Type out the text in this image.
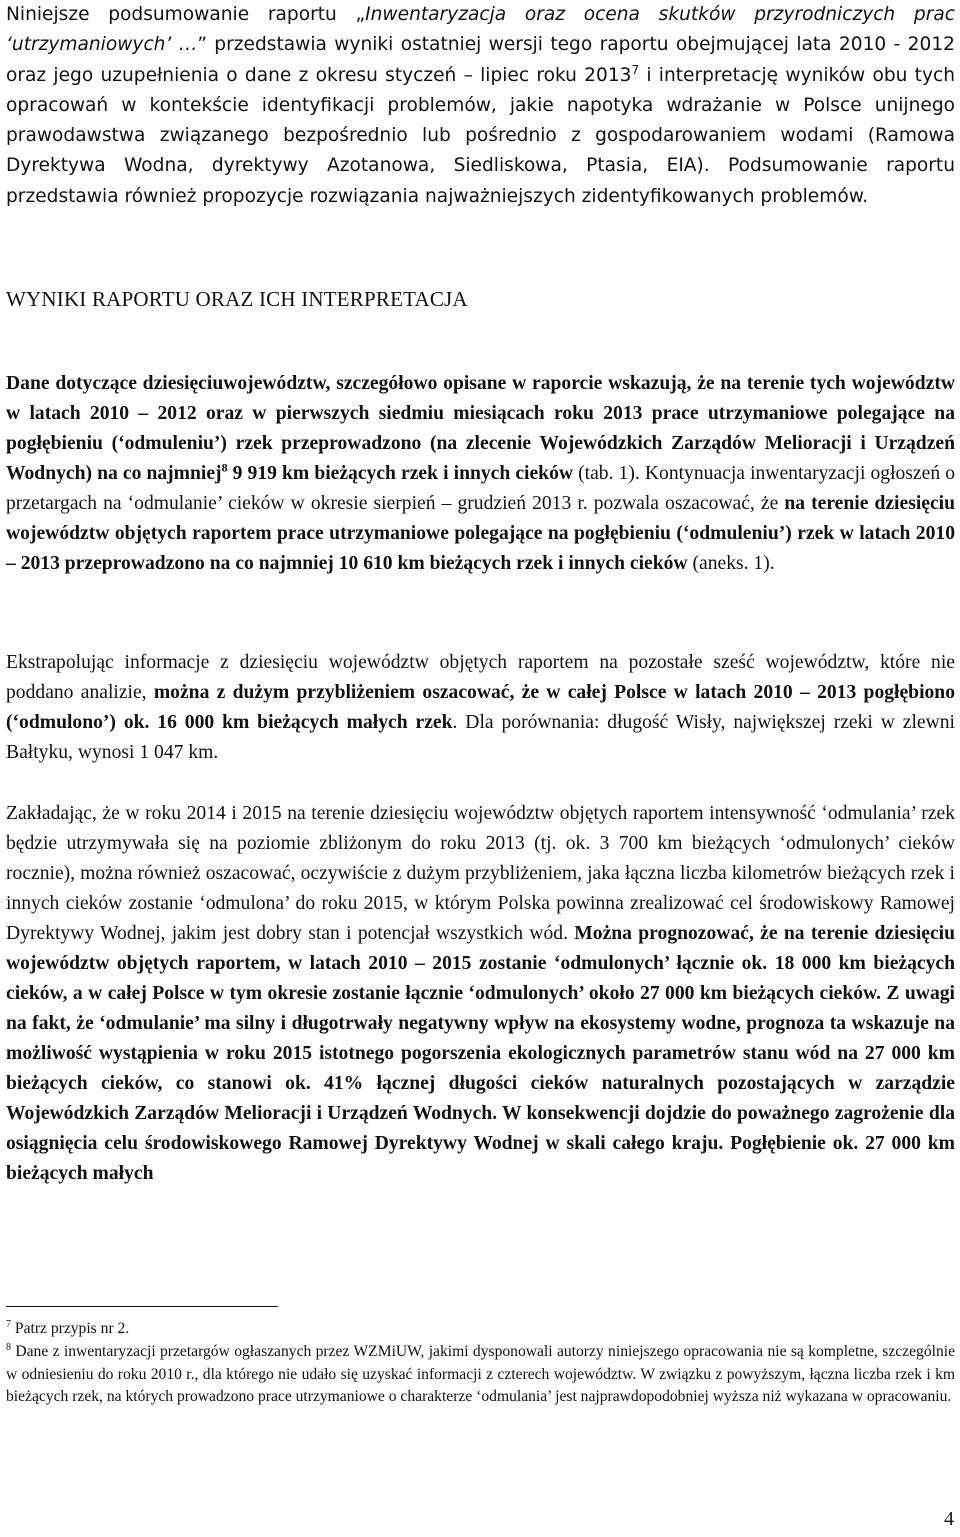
Niniejsze podsumowanie raportu „Inwentaryzacja oraz ocena skutków przyrodniczych prac ‘utrzymaniowych’ …” przedstawia wyniki ostatniej wersji tego raportu obejmującej lata 2010 - 2012 oraz jego uzupełnienia o dane z okresu styczeń – lipiec roku 2013$^7$ i interpretację wyników obu tych opracowań w kontekście identyfikacji problemów, jakie napotyka wdrażanie w Polsce unijnego prawodawstwa związanego bezpośrednio lub pośrednio z gospodarowaniem wodami (Ramowa Dyrektywa Wodna, dyrektywy Azotanowa, Siedliskowa, Ptasia, EIA). Podsumowanie raportu przedstawia również propozycje rozwiązania najważniejszych zidentyfikowanych problemów.

WYNIKI RAPORTU ORAZ ICH INTERPRETACJA

Dane dotyczące dziesięciuwojewództw, szczegółowo opisane w raporcie wskazują, że na terenie tych województw w latach 2010 – 2012 oraz w pierwszych siedmiu miesiącach roku 2013 prace utrzymaniowe polegające na pogłębieniu (‘odmuleniu’) rzek przeprowadzono (na zlecenie Wojewódzkich Zarządów Melioracji i Urządzeń Wodnych) na co najmniej$^8$ 9 919 km bieżących rzek i innych cieków (tab. 1). Kontynuacja inwentaryzacji ogłoszeń o przetargach na ‘odmulanie’ cieków w okresie sierpień – grudzień 2013 r. pozwala oszacować, że na terenie dziesięciu województw objętych raportem prace utrzymaniowe polegające na pogłębieniu (‘odmuleniu’) rzek w latach 2010 – 2013 przeprowadzono na co najmniej 10 610 km bieżących rzek i innych cieków (aneks. 1).

Ekstrapolując informacje z dziesięciu województw objętych raportem na pozostałe sześć województw, które nie poddano analizie, można z dużym przybliżeniem oszacować, że w całej Polsce w latach 2010 – 2013 pogłębiono (‘odmulono’) ok. 16 000 km bieżących małych rzek. Dla porównania: długość Wisły, największej rzeki w zlewni Bałtyku, wynosi 1 047 km.

Zakładając, że w roku 2014 i 2015 na terenie dziesięciu województw objętych raportem intensywność ‘odmulania’ rzek będzie utrzymywała się na poziomie zbliżonym do roku 2013 (tj. ok. 3 700 km bieżących ‘odmulonych’ cieków rocznie), można również oszacować, oczywiście z dużym przybliżeniem, jaka łączna liczba kilometrów bieżących rzek i innych cieków zostanie ‘odmulona’ do roku 2015, w którym Polska powinna zrealizować cel środowiskowy Ramowej Dyrektywy Wodnej, jakim jest dobry stan i potencjał wszystkich wód. Można prognozować, że na terenie dziesięciu województw objętych raportem, w latach 2010 – 2015 zostanie ‘odmulonych’ łącznie ok. 18 000 km bieżących cieków, a w całej Polsce w tym okresie zostanie łącznie ‘odmulonych’ około 27 000 km bieżących cieków. Z uwagi na fakt, że ‘odmulanie’ ma silny i długotrwały negatywny wpływ na ekosystemy wodne, prognoza ta wskazuje na możliwość wystąpienia w roku 2015 istotnego pogorszenia ekologicznych parametrów stanu wód na 27 000 km bieżących cieków, co stanowi ok. 41% łącznej długości cieków naturalnych pozostających w zarządzie Wojewódzkich Zarządów Melioracji i Urządzeń Wodnych. W konsekwencji dojdzie do poważnego zagrożenie dla osiągnięcia celu środowiskowego Ramowej Dyrektywy Wodnej w skali całego kraju. Pogłębienie ok. 27 000 km bieżących małych

$^7$ Patrz przypis nr 2.

$^8$ Dane z inwentaryzacji przetargów ogłaszanych przez WZMiUW, jakimi dysponowali autorzy niniejszego opracowania nie są kompletne, szczególnie w odniesieniu do roku 2010 r., dla którego nie udało się uzyskać informacji z czterech województw. W związku z powyższym, łączna liczba rzek i km bieżących rzek, na których prowadzono prace utrzymaniowe o charakterze ‘odmulania’ jest najprawdopodobniej wyższa niż wykazana w opracowaniu.

4
